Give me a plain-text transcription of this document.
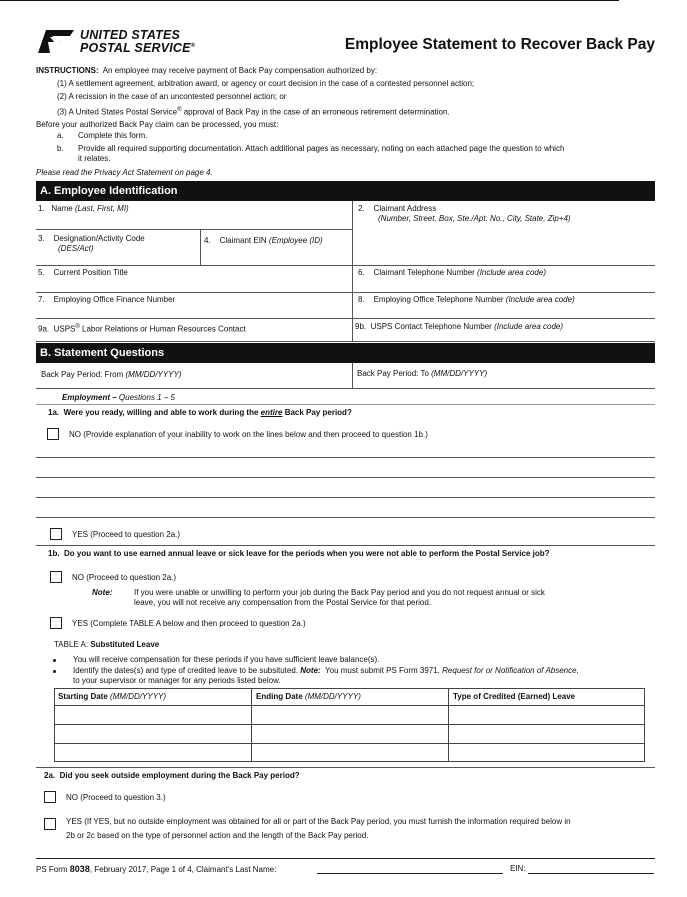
UNITED STATES
POSTAL SERVICE®	Employee Statement to Recover Back Pay
INSTRUCTIONS: An employee may receive payment of Back Pay compensation authorized by:
(1) A settlement agreement, arbitration award, or agency or court decision in the case of a contested personnel action;
(2) A recission in the case of an uncontested personnel action; or
(3) A United States Postal Service® approval of Back Pay in the case of an erroneous retirement determination.
Before your authorized Back Pay claim can be processed, you must:
a. Complete this form.
b. Provide all required supporting documentation. Attach additional pages as necessary, noting on each attached page the question to which
it relates.
Please read the Privacy Act Statement on page 4.
A. Employee Identification
1. Name (Last, First, MI)	2. Claimant Address
(Number, Street, Box, Ste./Apt. No., City, State, Zip+4)
3. Designation/Activity Code
(DES/Act)
4. Claimant EIN (Employee (ID)
5. Current Position Title	6. Claimant Telephone Number (Include area code)
7. Employing Office Finance Number	8. Employing Office Telephone Number (Include area code)
9a. USPS® Labor Relations or Human Resources Contact	9b. USPS Contact Telephone Number (Include area code)
B. Statement Questions
Back Pay Period: From (MM/DD/YYYY)	Back Pay Period: To (MM/DD/YYYY)
Employment – Questions 1 – 5
1a. Were you ready, willing and able to work during the entire Back Pay period?
NO (Provide explanation of your inability to work on the lines below and then proceed to question 1b.)
YES (Proceed to question 2a.)
1b. Do you want to use earned annual leave or sick leave for the periods when you were not able to perform the Postal Service job?
NO (Proceed to question 2a.)
Note:	If you were unable or unwilling to perform your job during the Back Pay period and you do not request annual or sick
leave, you will not receive any compensation from the Postal Service for that period.
YES (Complete TABLE A below and then proceed to question 2a.)
TABLE A: Substituted Leave
You will receive compensation for these periods if you have sufficient leave balance(s).
Identify the dates(s) and type of credited leave to be subsituted. Note: You must submit PS Form 3971, Request for or Notification of Absence,
to your supervisor or manager for any periods listed below.
Starting Date (MM/DD/YYYY)	Ending Date (MM/DD/YYYY)	Type of Credited (Earned) Leave
2a. Did you seek outside employment during the Back Pay period?
NO (Proceed to question 3.)
YES (If YES, but no outside employment was obtained for all or part of the Back Pay period, you must furnish the information required below in
2b or 2c based on the type of personnel action and the length of the Back Pay period.
PS Form 8038, February 2017, Page 1 of 4, Claimant's Last Name:	EIN:
